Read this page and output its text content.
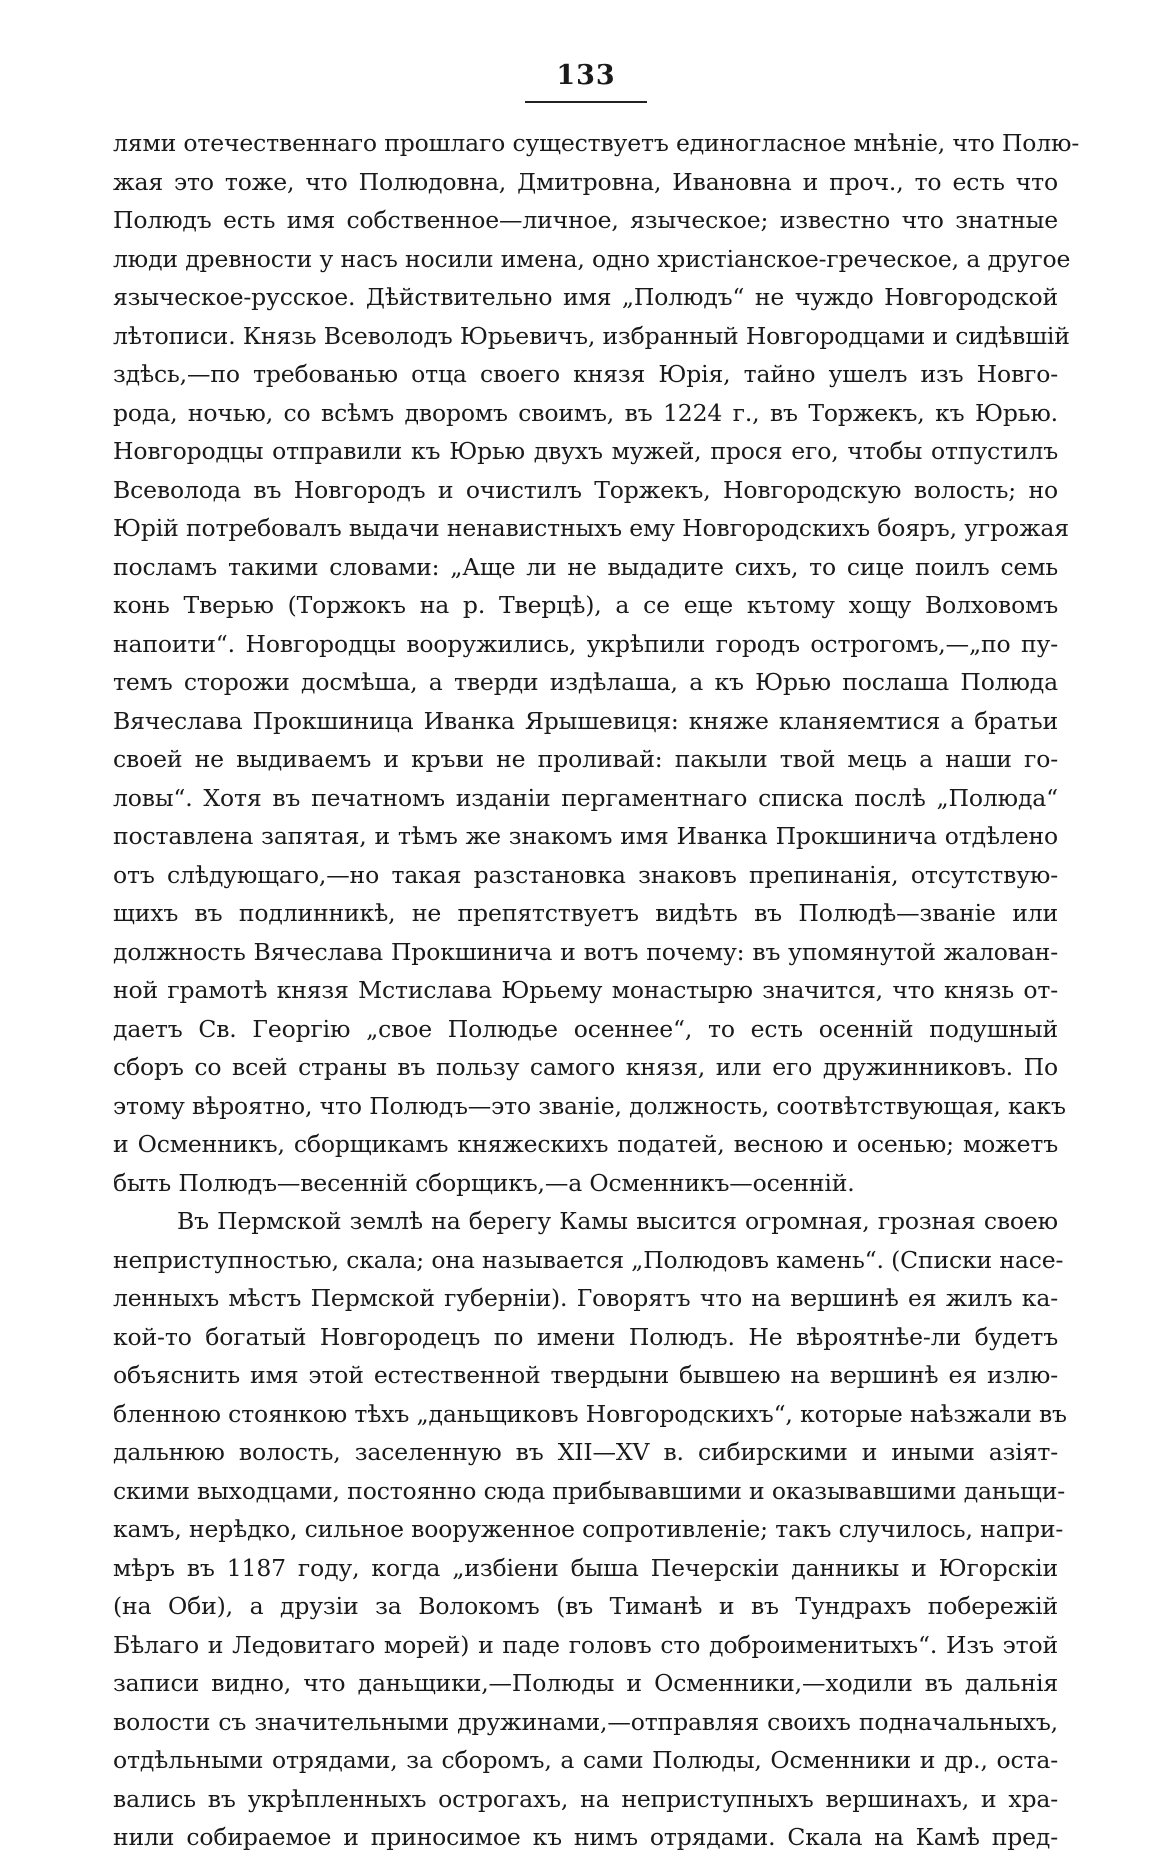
133
лями отечественнаго прошлаго существуетъ единогласное мнѣніе, что Полю-
жая это тоже, что Полюдовна, Дмитровна, Ивановна и проч., то есть что
Полюдъ есть имя собственное—личное, языческое; известно что знатные
люди древности у насъ носили имена, одно христіанское-греческое, а другое
языческое-русское. Дѣйствительно имя „Полюдъ“ не чуждо Новгородской
лѣтописи. Князь Всеволодъ Юрьевичъ, избранный Новгородцами и сидѣвшій
здѣсь,—по требованью отца своего князя Юрія, тайно ушелъ изъ Новго-
рода, ночью, со всѣмъ дворомъ своимъ, въ 1224 г., въ Торжекъ, къ Юрью.
Новгородцы отправили къ Юрью двухъ мужей, прося его, чтобы отпустилъ
Всеволода въ Новгородъ и очистилъ Торжекъ, Новгородскую волость; но
Юрій потребовалъ выдачи ненавистныхъ ему Новгородскихъ бояръ, угрожая
посламъ такими словами: „Аще ли не выдадите сихъ, то сице поилъ семь
конь Тверью (Торжокъ на р. Тверцѣ), а се еще кътому хощу Волховомъ
напоити“. Новгородцы вооружились, укрѣпили городъ острогомъ,—„по пу-
темъ сторожи досмѣша, а тверди издѣлаша, а къ Юрью послаша Полюда
Вячеслава Прокшиница Иванка Ярышевиця: княже кланяемтися а братьи
своей не выдиваемъ и кръви не проливай: пакыли твой мець а наши го-
ловы“. Хотя въ печатномъ изданіи пергаментнаго списка послѣ „Полюда“
поставлена запятая, и тѣмъ же знакомъ имя Иванка Прокшинича отдѣлено
отъ слѣдующаго,—но такая разстановка знаковъ препинанія, отсутствую-
щихъ въ подлинникѣ, не препятствуетъ видѣть въ Полюдѣ—званіе или
должность Вячеслава Прокшинича и вотъ почему: въ упомянутой жалован-
ной грамотѣ князя Мстислава Юрьему монастырю значится, что князь от-
даетъ Св. Георгію „свое Полюдье осеннее“, то есть осенній подушный
сборъ со всей страны въ пользу самого князя, или его дружинниковъ. По
этому вѣроятно, что Полюдъ—это званіе, должность, соотвѣтствующая, какъ
и Осменникъ, сборщикамъ княжескихъ податей, весною и осенью; можетъ
быть Полюдъ—весенній сборщикъ,—а Осменникъ—осенній.
Въ Пермской землѣ на берегу Камы высится огромная, грозная своею
неприступностью, скала; она называется „Полюдовъ камень“. (Списки насе-
ленныхъ мѣстъ Пермской губерніи). Говорятъ что на вершинѣ ея жилъ ка-
кой-то богатый Новгородецъ по имени Полюдъ. Не вѣроятнѣе-ли будетъ
объяснить имя этой естественной твердыни бывшею на вершинѣ ея излю-
бленною стоянкою тѣхъ „даньщиковъ Новгородскихъ“, которые наѣзжали въ
дальнюю волость, заселенную въ XII—XV в. сибирскими и иными азіят-
скими выходцами, постоянно сюда прибывавшими и оказывавшими даньщи-
камъ, нерѣдко, сильное вооруженное сопротивленіе; такъ случилось, напри-
мѣръ въ 1187 году, когда „избіени быша Печерскіи данникы и Югорскіи
(на Оби), а друзіи за Волокомъ (въ Тиманѣ и въ Тундрахъ побережій
Бѣлаго и Ледовитаго морей) и паде головъ сто доброименитыхъ“. Изъ этой
записи видно, что даньщики,—Полюды и Осменники,—ходили въ дальнія
волости съ значительными дружинами,—отправляя своихъ подначальныхъ,
отдѣльными отрядами, за сборомъ, а сами Полюды, Осменники и др., оста-
вались въ укрѣпленныхъ острогахъ, на неприступныхъ вершинахъ, и хра-
нили собираемое и приносимое къ нимъ отрядами. Скала на Камѣ пред-
